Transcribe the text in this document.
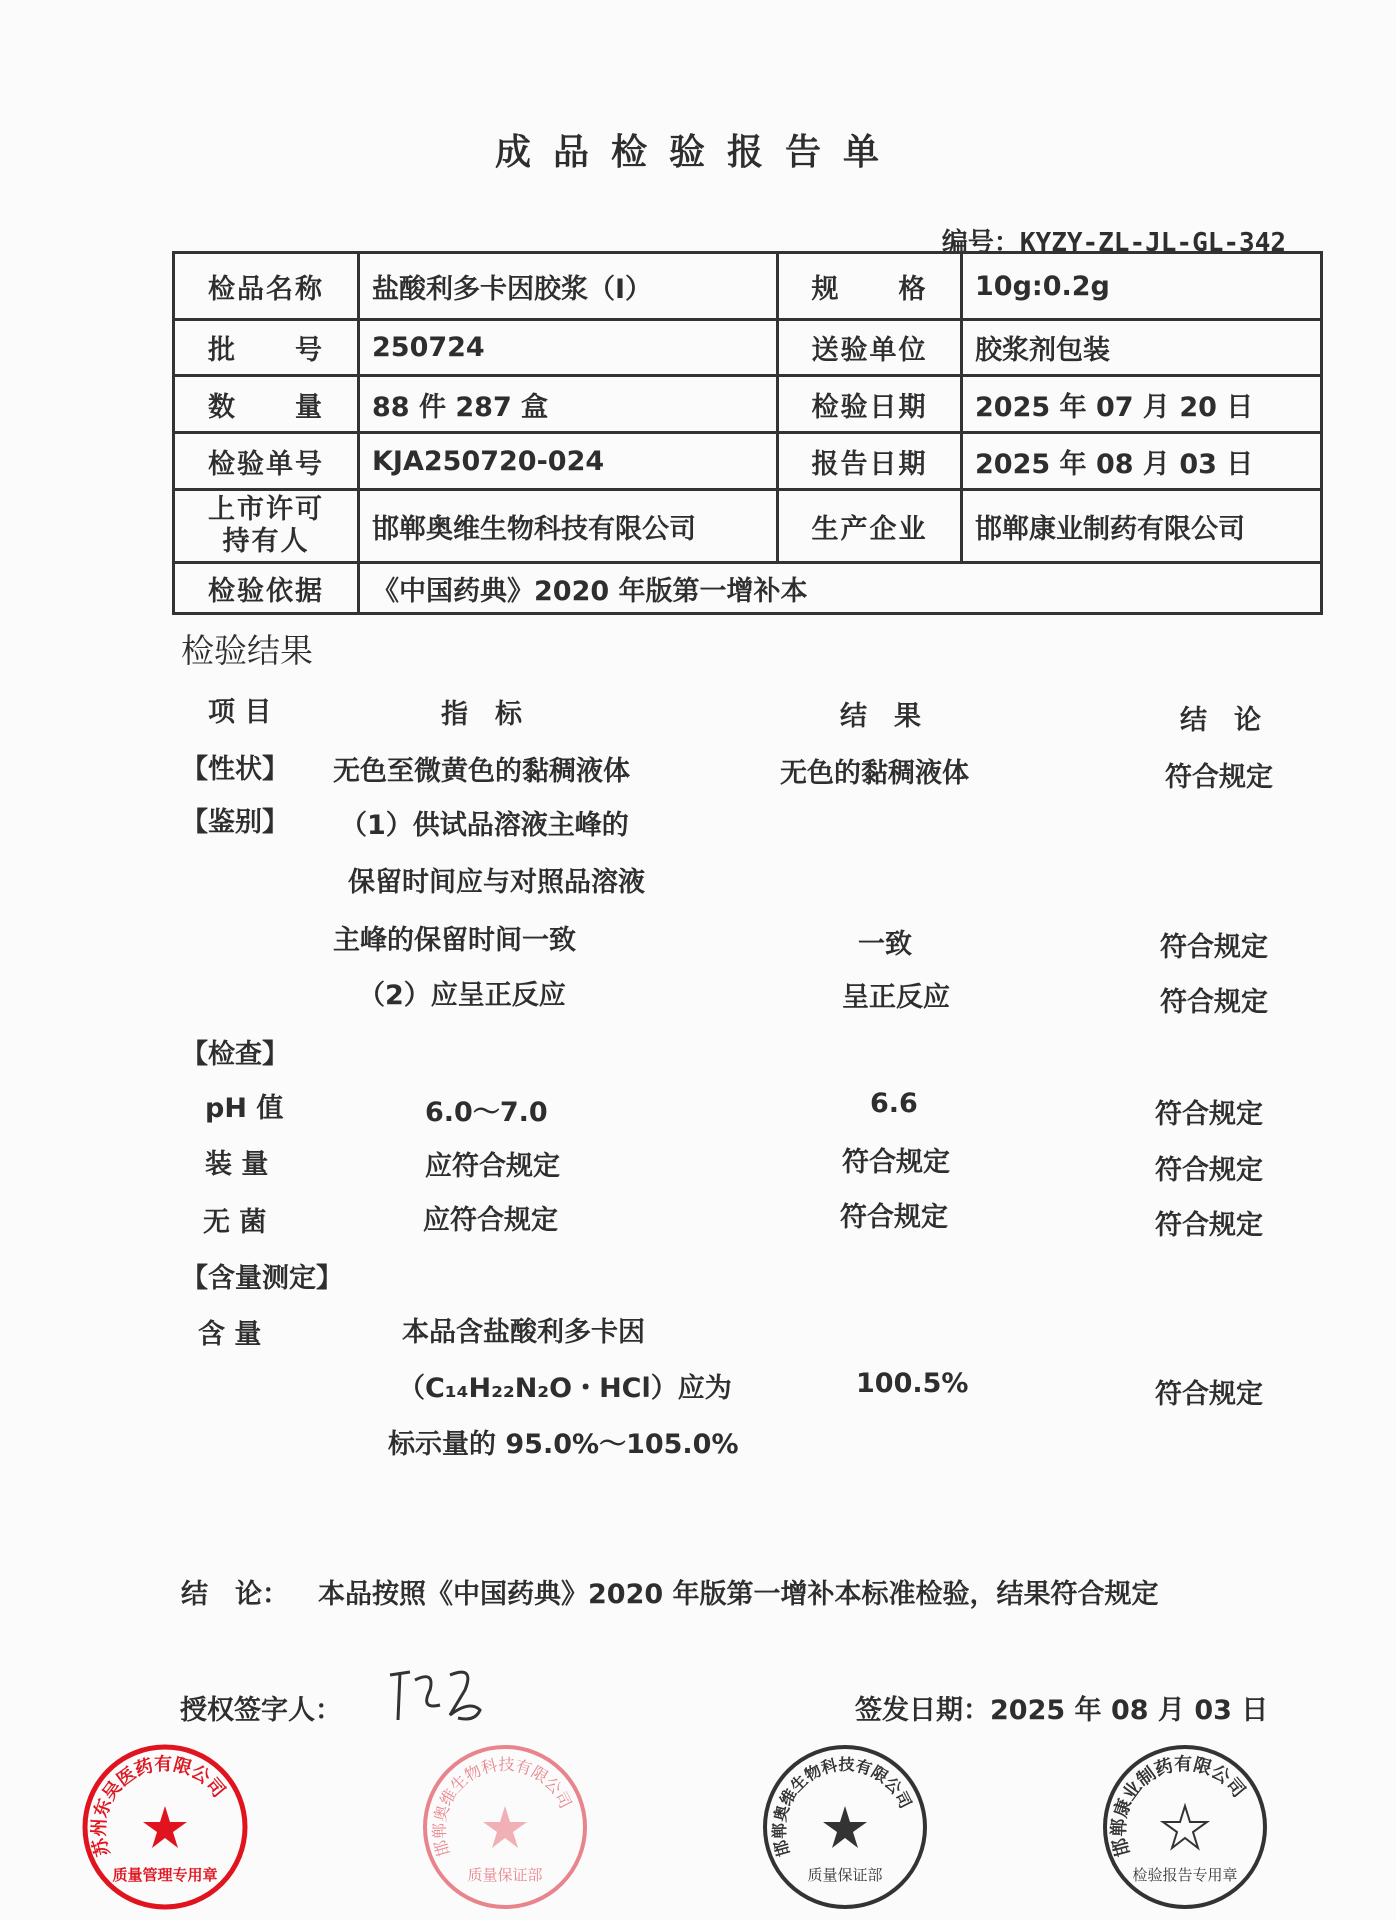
成品检验报告单
编号：KYZY-ZL-JL-GL-342
检品名称	盐酸利多卡因胶浆（Ⅰ）	规　　格	10g:0.2g
批　　号	250724	送验单位	胶浆剂包装
数　　量	88 件 287 盒	检验日期	2025 年 07 月 20 日
检验单号	KJA250720-024	报告日期	2025 年 08 月 03 日
上市许可持有人	邯郸奥维生物科技有限公司	生产企业	邯郸康业制药有限公司
检验依据	《中国药典》2020 年版第一增补本		
检验结果
项 目	指　标	结　果	结　论
【性状】 无色至微黄色的黏稠液体	无色的黏稠液体	符合规定
【鉴别】 （1）供试品溶液主峰的
保留时间应与对照品溶液
主峰的保留时间一致	一致	符合规定
（2）应呈正反应	呈正反应	符合规定
【检查】
pH 值	6.0～7.0	6.6	符合规定
装 量	应符合规定	符合规定	符合规定
无 菌	应符合规定	符合规定	符合规定
【含量测定】
含 量	本品含盐酸利多卡因
（C₁₄H₂₂N₂O・HCl）应为
标示量的 95.0%～105.0%
100.5%	符合规定
结　论： 本品按照《中国药典》2020 年版第一增补本标准检验，结果符合规定
授权签字人：	签发日期：2025 年 08 月 03 日
苏州东吴医药有限公司
质量管理专用章
邯郸奥维生物科技有限公司
质量保证部
邯郸奥维生物科技有限公司
质量保证部
邯郸康业制药有限公司
检验报告专用章
